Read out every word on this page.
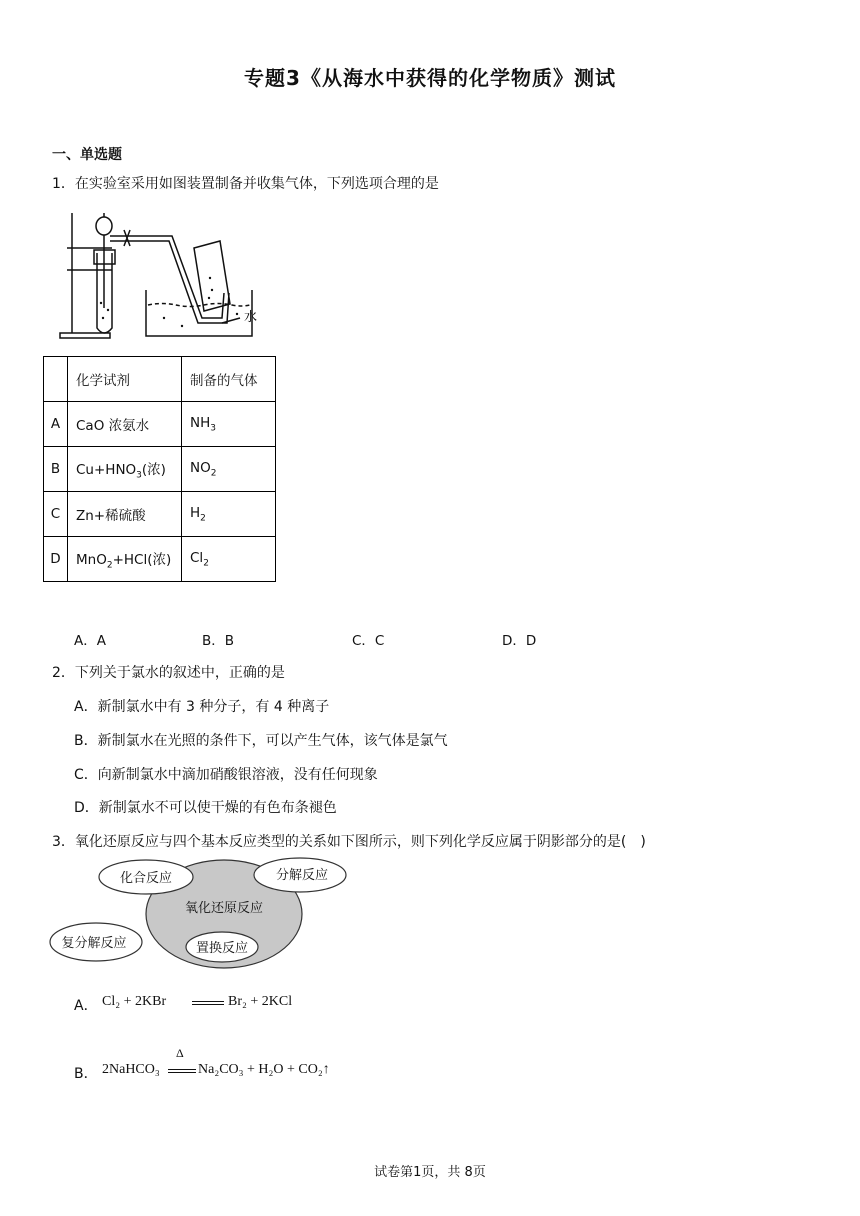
专题3《从海水中获得的化学物质》测试
一、单选题
1．在实验室采用如图装置制备并收集气体，下列选项合理的是
水
	化学试剂	制备的气体
A	CaO 浓氨水	$NH_3$
B	$Cu+HNO_3$(浓)	$NO_2$
C	Zn+稀硫酸	$H_2$
D	MnO$_2$+HCl(浓)	$Cl_2$
A．A	B．B	C．C	D．D
2．下列关于氯水的叙述中，正确的是
A．新制氯水中有 3 种分子，有 4 种离子
B．新制氯水在光照的条件下，可以产生气体，该气体是氯气
C．向新制氯水中滴加硝酸银溶液，没有任何现象
D．新制氯水不可以使干燥的有色布条褪色
3．氧化还原反应与四个基本反应类型的关系如下图所示，则下列化学反应属于阴影部分的是(　)
化合反应	分解反应
氧化还原反应
复分解反应	置换反应
A． Cl₂ + 2KBr	Br₂ + 2KCl
B． 2NaHCO₃
Δ
Na₂CO₃ + H₂O + CO₂↑
试卷第1页，共 8页
